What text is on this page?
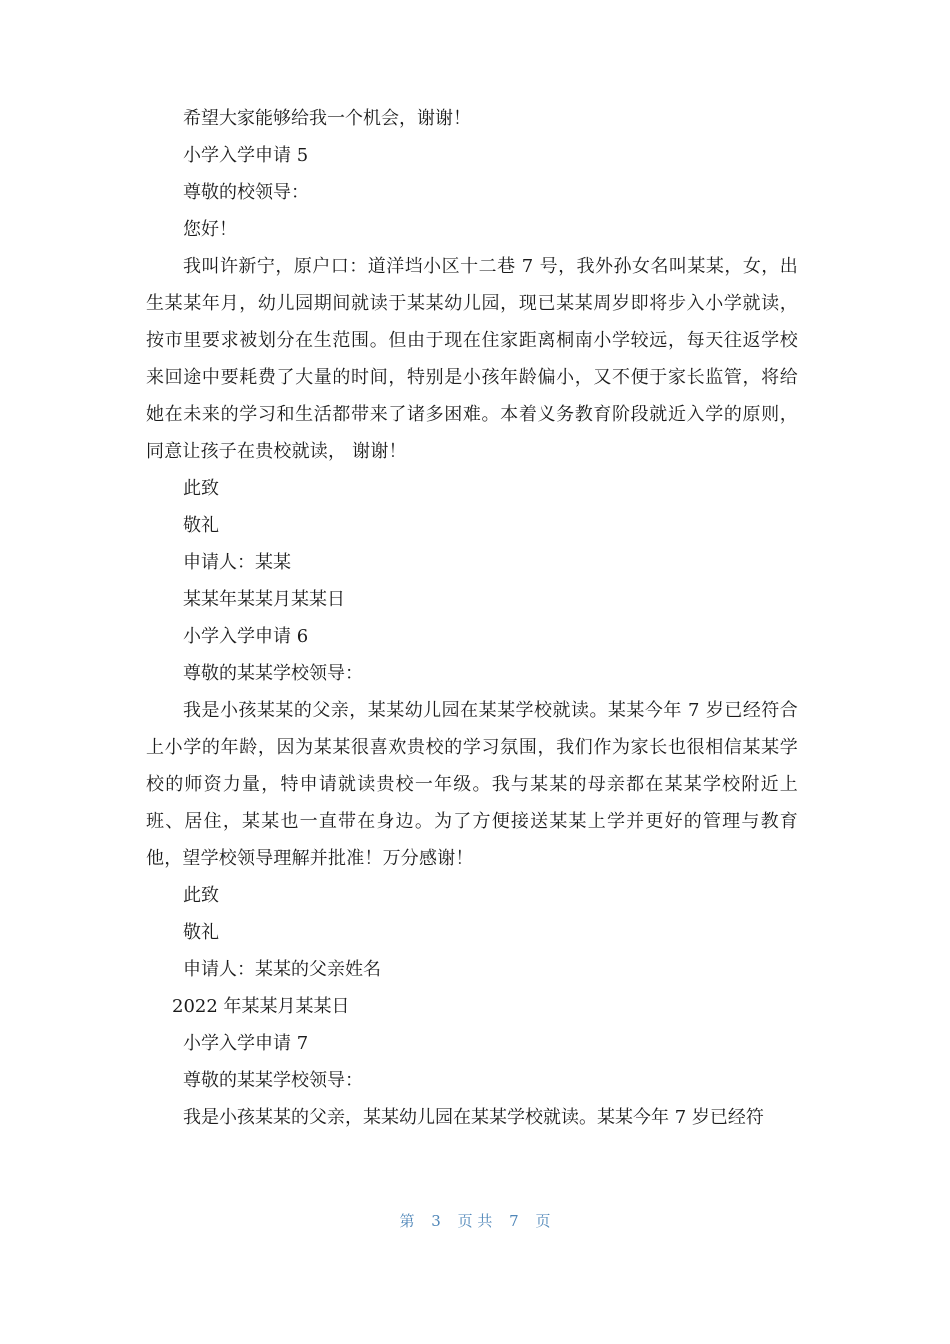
希望大家能够给我一个机会，谢谢！
小学入学申请 5
尊敬的校领导：
您好！
我叫许新宁，原户口：道洋垱小区十二巷 7 号，我外孙女名叫某某，女，出生某某年月，幼儿园期间就读于某某幼儿园，现已某某周岁即将步入小学就读，按市里要求被划分在生范围。但由于现在住家距离桐南小学较远，每天往返学校来回途中要耗费了大量的时间，特别是小孩年龄偏小，又不便于家长监管，将给她在未来的学习和生活都带来了诸多困难。本着义务教育阶段就近入学的原则，同意让孩子在贵校就读， 谢谢！
此致
敬礼
申请人：某某
某某年某某月某某日
小学入学申请 6
尊敬的某某学校领导：
我是小孩某某的父亲，某某幼儿园在某某学校就读。某某今年 7 岁已经符合上小学的年龄，因为某某很喜欢贵校的学习氛围，我们作为家长也很相信某某学校的师资力量，特申请就读贵校一年级。我与某某的母亲都在某某学校附近上班、居住，某某也一直带在身边。为了方便接送某某上学并更好的管理与教育他，望学校领导理解并批准！万分感谢！
此致
敬礼
申请人：某某的父亲姓名
2022 年某某月某某日
小学入学申请 7
尊敬的某某学校领导：
我是小孩某某的父亲，某某幼儿园在某某学校就读。某某今年 7 岁已经符
第 3 页 共 7 页
